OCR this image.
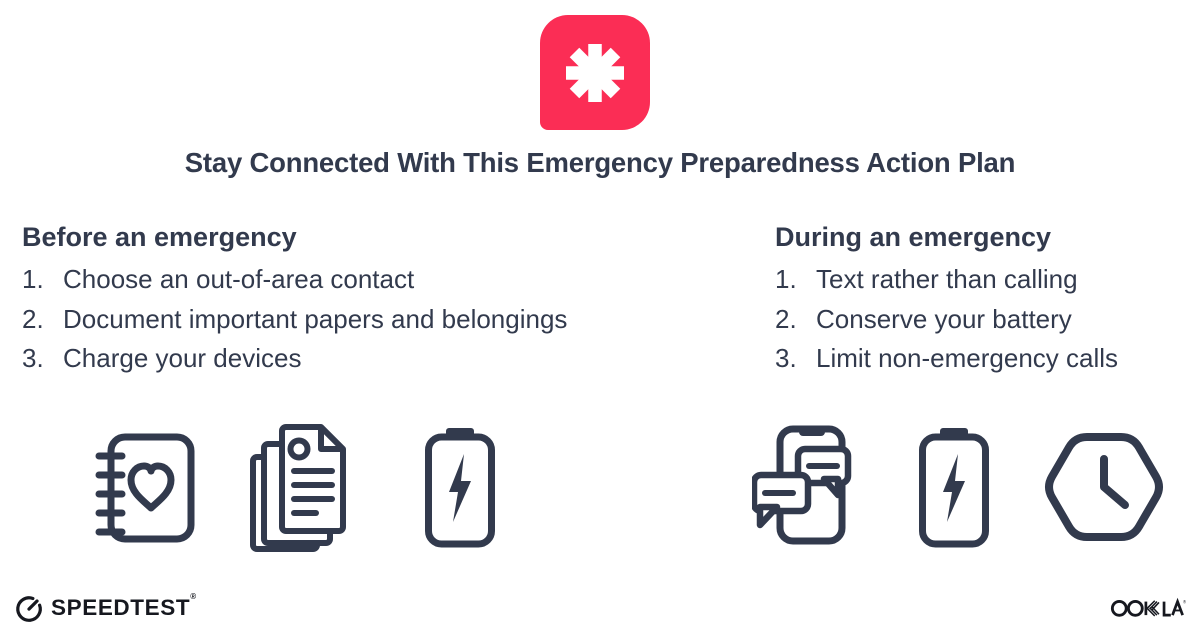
Stay Connected With This Emergency Preparedness Action Plan
Before an emergency
1. Choose an out-of-area contact
2. Document important papers and belongings
3. Charge your devices
During an emergency
1. Text rather than calling
2. Conserve your battery
3. Limit non-emergency calls
SPEEDTEST®
®
